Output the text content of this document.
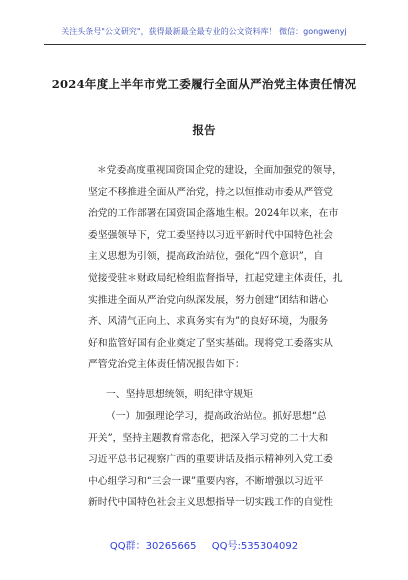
关注头条号"公文研究"，获得最新最全最专业的公文资料库！ 微信：gongwenyj
2024年度上半年市党工委履行全面从严治党主体责任情况
报告

＊党委高度重视国资国企党的建设，全面加强党的领导，

坚定不移推进全面从严治党，持之以恒推动市委从严管党

治党的工作部署在国资国企落地生根。2024年以来，在市

委坚强领导下，党工委坚持以习近平新时代中国特色社会

主义思想为引领，提高政治站位，强化“四个意识”，自

觉接受驻＊财政局纪检组监督指导，扛起党建主体责任，扎

实推进全面从严治党向纵深发展，努力创建“团结和谐心

齐、风清气正向上、求真务实有为”的良好环境，为服务

好和监管好国有企业奠定了坚实基础。现将党工委落实从

严管党治党主体责任情况报告如下：

一、坚持思想统领，明纪律守规矩

（一）加强理论学习，提高政治站位。抓好思想“总

开关”，坚持主题教育常态化，把深入学习党的二十大和

习近平总书记视察广西的重要讲话及指示精神列入党工委

中心组学习和“三会一课”重要内容，不断增强以习近平

新时代中国特色社会主义思想指导一切实践工作的自觉性

QQ群：30265665 QQ号:535304092
